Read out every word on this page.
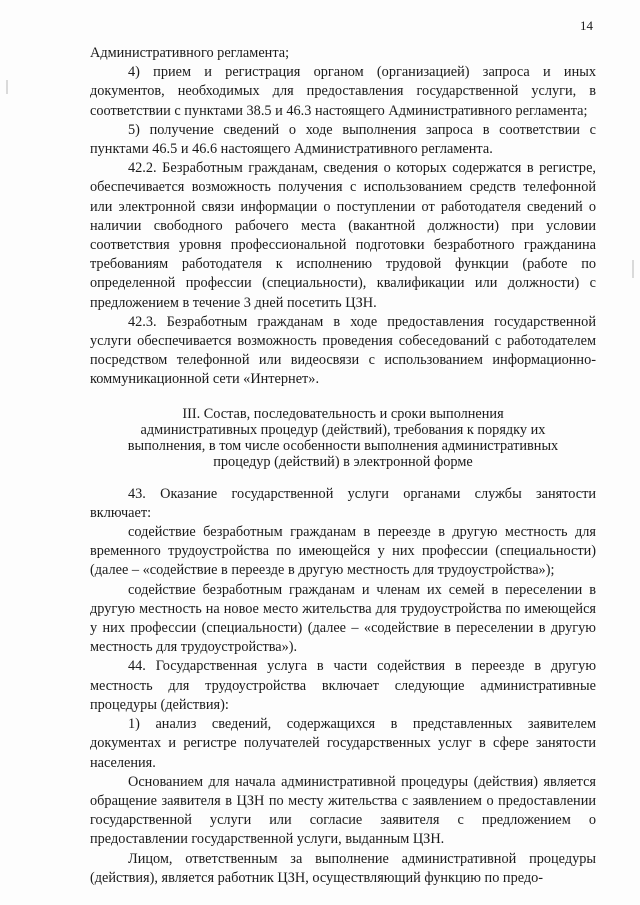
14

Административного регламента;

4) прием и регистрация органом (организацией) запроса и иных документов, необходимых для предоставления государственной услуги, в соответствии с пунктами 38.5 и 46.3 настоящего Административного регламента;

5) получение сведений о ходе выполнения запроса в соответствии с пунктами 46.5 и 46.6 настоящего Административного регламента.

42.2. Безработным гражданам, сведения о которых содержатся в регистре, обеспечивается возможность получения с использованием средств телефонной или электронной связи информации о поступлении от работодателя сведений о наличии свободного рабочего места (вакантной должности) при условии соответствия уровня профессиональной подготовки безработного гражданина требованиям работодателя к исполнению трудовой функции (работе по определенной профессии (специальности), квалификации или должности) с предложением в течение 3 дней посетить ЦЗН.

42.3. Безработным гражданам в ходе предоставления государственной услуги обеспечивается возможность проведения собеседований с работодателем посредством телефонной или видеосвязи с использованием информационно-коммуникационной сети «Интернет».

III. Состав, последовательность и сроки выполнения административных процедур (действий), требования к порядку их выполнения, в том числе особенности выполнения административных процедур (действий) в электронной форме

43. Оказание государственной услуги органами службы занятости включает:

содействие безработным гражданам в переезде в другую местность для временного трудоустройства по имеющейся у них профессии (специальности) (далее – «содействие в переезде в другую местность для трудоустройства»);

содействие безработным гражданам и членам их семей в переселении в другую местность на новое место жительства для трудоустройства по имеющейся у них профессии (специальности) (далее – «содействие в переселении в другую местность для трудоустройства»).

44. Государственная услуга в части содействия в переезде в другую местность для трудоустройства включает следующие административные процедуры (действия):

1) анализ сведений, содержащихся в представленных заявителем документах и регистре получателей государственных услуг в сфере занятости населения.

Основанием для начала административной процедуры (действия) является обращение заявителя в ЦЗН по месту жительства с заявлением о предоставлении государственной услуги или согласие заявителя с предложением о предоставлении государственной услуги, выданным ЦЗН.

Лицом, ответственным за выполнение административной процедуры (действия), является работник ЦЗН, осуществляющий функцию по предо-
